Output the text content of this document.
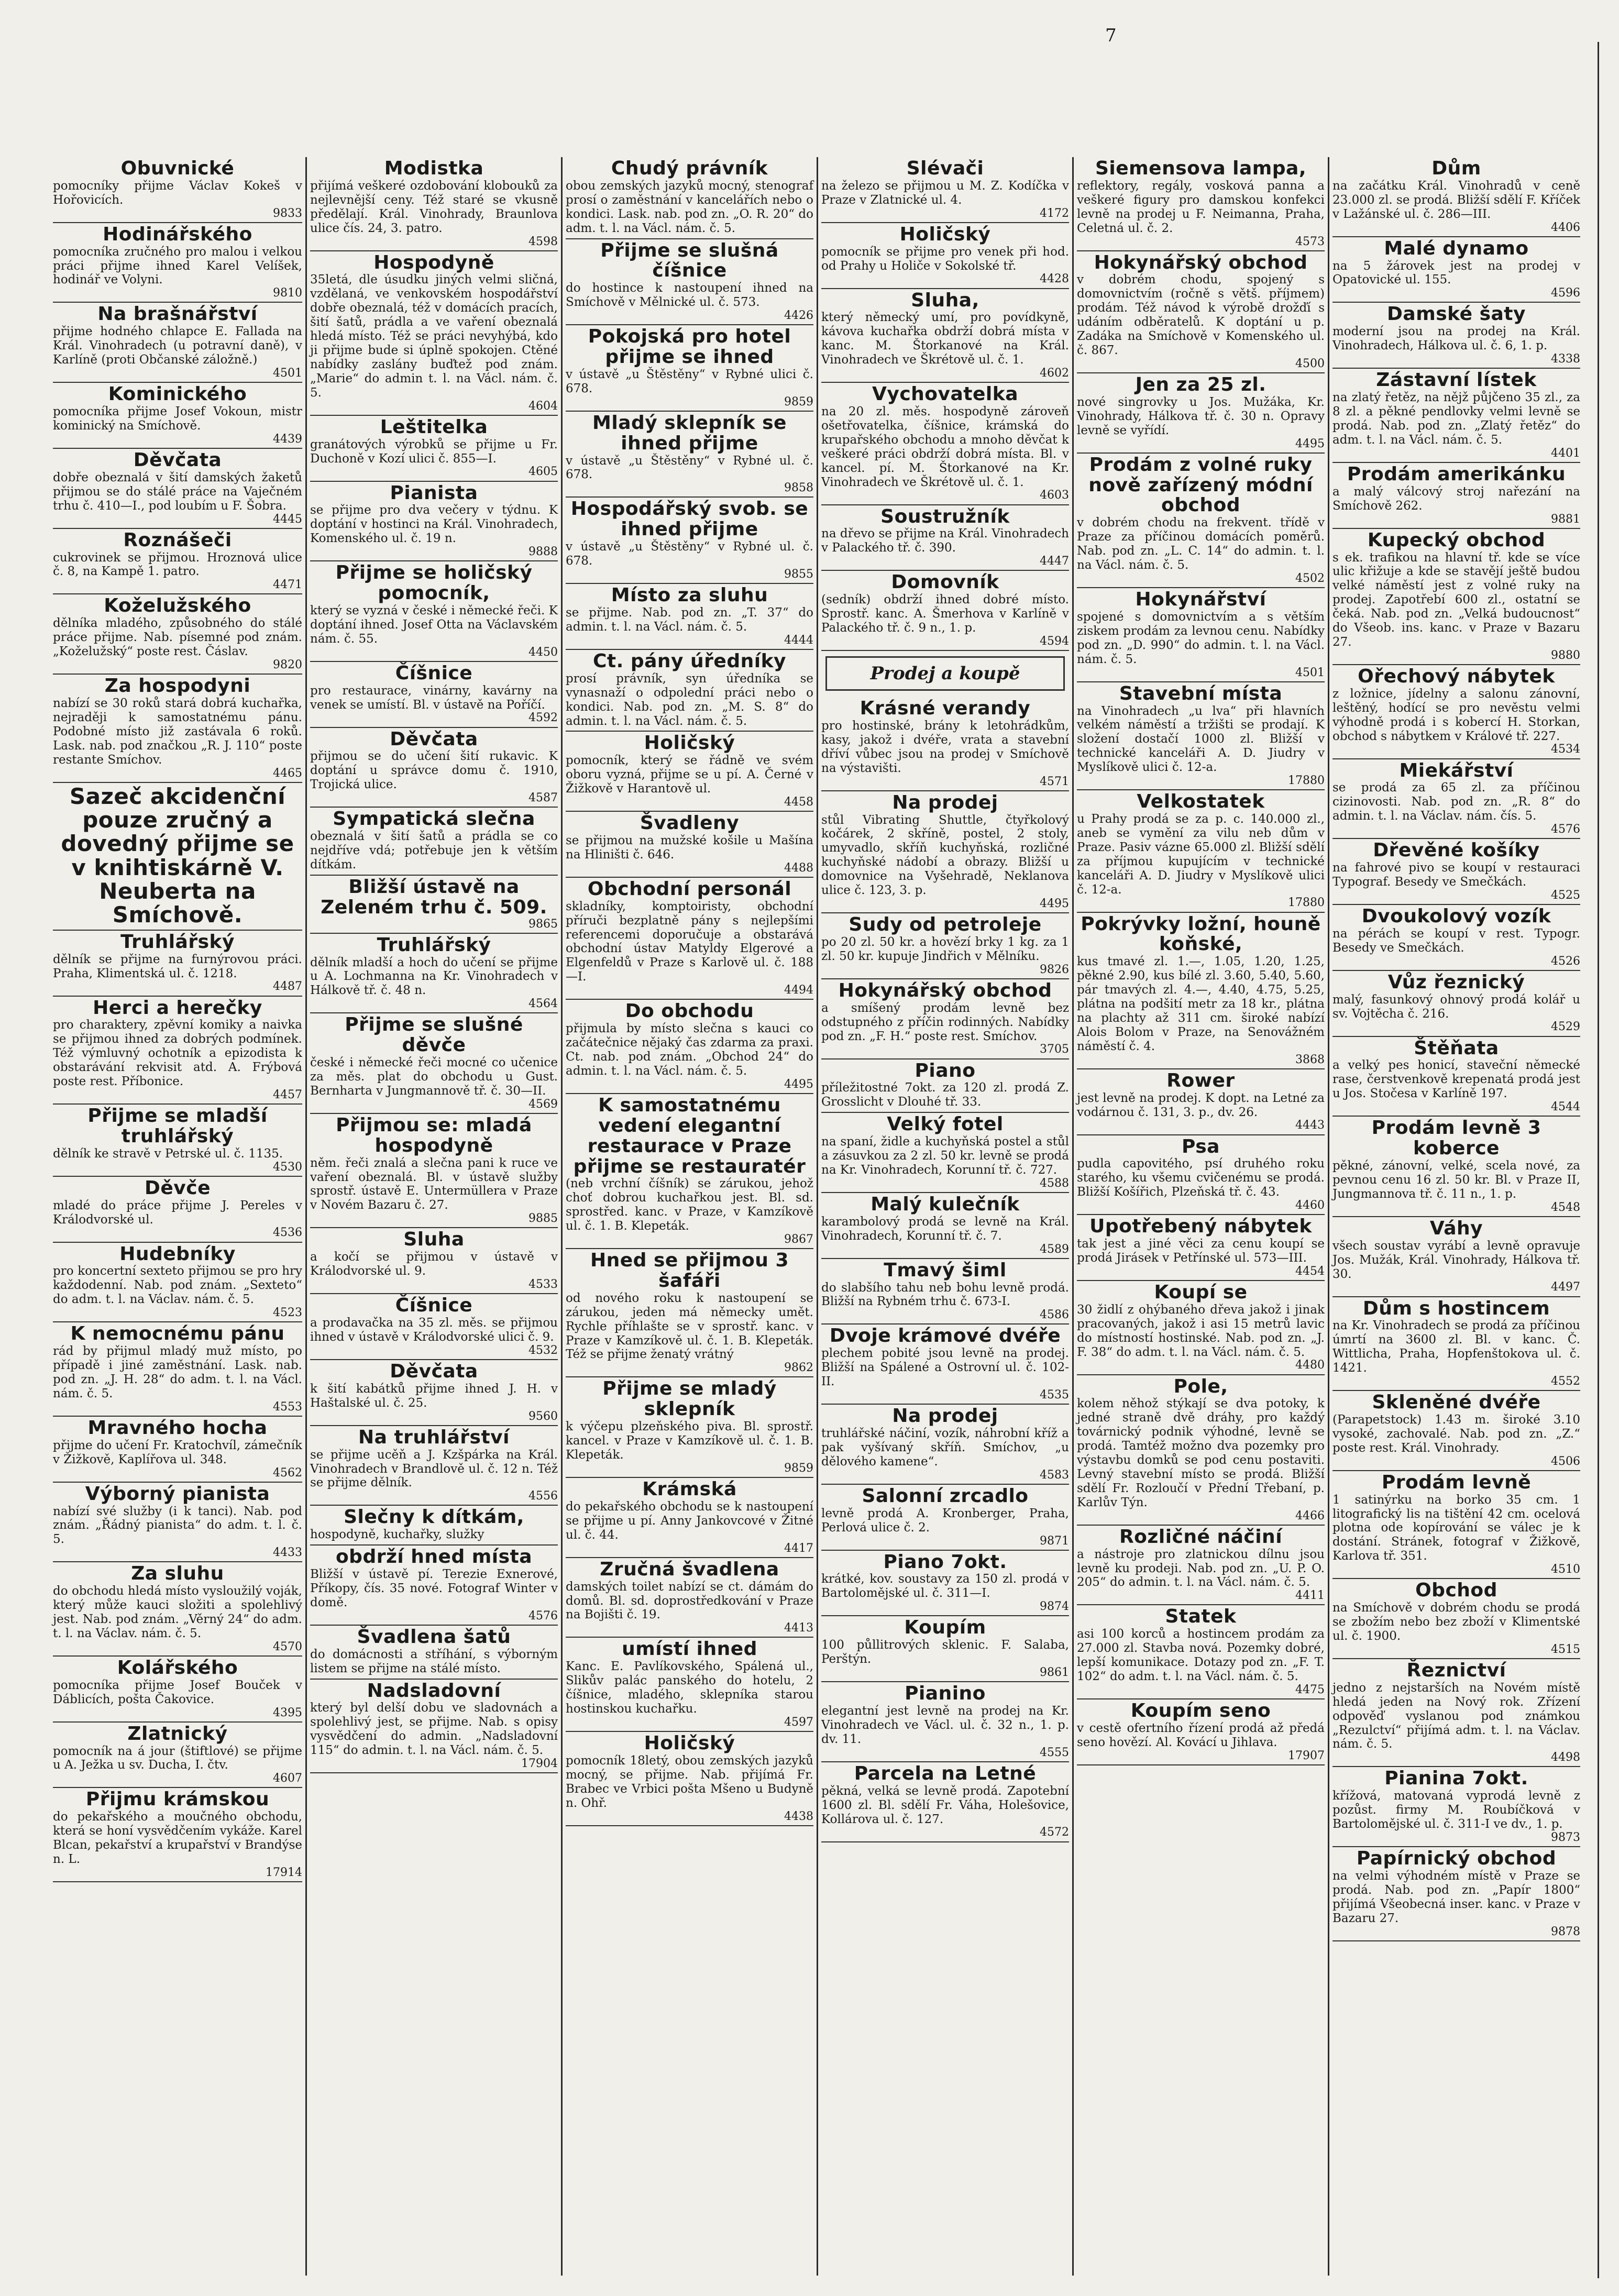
7
Obuvnické
pomocníky přijme Václav Kokeš v Hořovicích.
9833
Hodinářského
pomocníka zručného pro malou i velkou práci přijme ihned Karel Velíšek, hodinář ve Volyni.
9810
Na brašnářství
přijme hodného chlapce E. Fallada na Král. Vinohradech (u potravní daně), v Karlíně (proti Občanské záložně.)
4501
Kominického
pomocníka přijme Josef Vokoun, mistr kominický na Smíchově.
4439
Děvčata
dobře obeznalá v šití damských žaketů přijmou se do stálé práce na Vaječném trhu č. 410—I., pod loubím u F. Šobra.
4445
Roznášeči
cukrovinek se přijmou. Hroznová ulice č. 8, na Kampě 1. patro.
4471
Koželužského
dělníka mladého, způsobného do stálé práce přijme. Nab. písemné pod znám. „Koželužský“ poste rest. Čáslav.
9820
Za hospodyni
nabízí se 30 roků stará dobrá kuchařka, nejraději k samostatnému pánu. Podobné místo již zastávala 6 roků. Lask. nab. pod značkou „R. J. 110“ poste restante Smíchov.
4465
Sazeč akcidenční pouze zručný a dovedný přijme se v knihtiskárně V. Neuberta na Smíchově.
Truhlářský
dělník se přijme na furnýrovou práci. Praha, Klimentská ul. č. 1218.
4487
Herci a herečky
pro charaktery, zpěvní komiky a naivka se přijmou ihned za dobrých podmínek. Též výmluvný ochotník a epizodista k obstarávání rekvisit atd. A. Frýbová poste rest. Příbonice.
4457
Přijme se mladší truhlářský
dělník ke stravě v Petrské ul. č. 1135.
4530
Děvče
mladé do práce přijme J. Pereles v Králodvorské ul.
4536
Hudebníky
pro koncertní sexteto přijmou se pro hry každodenní. Nab. pod znám. „Sexteto“ do adm. t. l. na Václav. nám. č. 5.
4523
K nemocnému pánu
rád by přijmul mladý muž místo, po případě i jiné zaměstnání. Lask. nab. pod zn. „J. H. 28“ do adm. t. l. na Václ. nám. č. 5.
4553
Mravného hocha
přijme do učení Fr. Kratochvíl, zámečník v Žižkově, Kaplířova ul. 348.
4562
Výborný pianista
nabízí své služby (i k tanci). Nab. pod znám. „Řádný pianista“ do adm. t. l. č. 5.
4433
Za sluhu
do obchodu hledá místo vysloužilý voják, který může kauci složiti a spolehlivý jest. Nab. pod znám. „Věrný 24“ do adm. t. l. na Václav. nám. č. 5.
4570
Kolářského
pomocníka přijme Josef Bouček v Dáblicích, pošta Čakovice.
4395
Zlatnický
pomocník na á jour (štiftlové) se přijme u A. Ježka u sv. Ducha, I. čtv.
4607
Přijmu krámskou
do pekařského a moučného obchodu, která se honí vysvědčením vykáže. Karel Blcan, pekařství a krupařství v Brandýse n. L.
17914
Modistka
přijímá veškeré ozdobování klobouků za nejlevnější ceny. Též staré se vkusně předělají. Král. Vinohrady, Braunlova ulice čís. 24, 3. patro.
4598
Hospodyně
35letá, dle úsudku jiných velmi sličná, vzdělaná, ve venkovském hospodářství dobře obeznalá, též v domácích pracích, šití šatů, prádla a ve vaření obeznalá hledá místo. Též se práci nevyhýbá, kdo ji přijme bude si úplně spokojen. Ctěné nabídky zaslány buďtež pod znám. „Marie“ do admin t. l. na Václ. nám. č. 5.
4604
Leštitelka
granátových výrobků se přijme u Fr. Duchoně v Kozí ulici č. 855—I.
4605
Pianista
se přijme pro dva večery v týdnu. K doptání v hostinci na Král. Vinohradech, Komenského ul. č. 19 n.
9888
Přijme se holičský pomocník,
který se vyzná v české i německé řeči. K doptání ihned. Josef Otta na Václavském nám. č. 55.
4450
Číšnice
pro restaurace, vinárny, kavárny na venek se umístí. Bl. v ústavě na Poříčí.
4592
Děvčata
přijmou se do učení šití rukavic. K doptání u správce domu č. 1910, Trojická ulice.
4587
Sympatická slečna
obeznalá v šití šatů a prádla se co nejdříve vdá; potřebuje jen k větším dítkám.
Bližší ústavě na Zeleném trhu č. 509.
9865
Truhlářský
dělník mladší a hoch do učení se přijme u A. Lochmanna na Kr. Vinohradech v Hálkově tř. č. 48 n.
4564
Přijme se slušné děvče
české i německé řeči mocné co učenice za měs. plat do obchodu u Gust. Bernharta v Jungmannově tř. č. 30—II.
4569
Přijmou se: mladá hospodyně
něm. řeči znalá a slečna pani k ruce ve vaření obeznalá. Bl. v ústavě služby sprostř. ústavě E. Untermüllera v Praze v Novém Bazaru č. 27.
9885
Sluha
a kočí se přijmou v ústavě v Králodvorské ul. 9.
4533
Číšnice
a prodavačka na 35 zl. měs. se přijmou ihned v ústavě v Králodvorské ulici č. 9.
4532
Děvčata
k šití kabátků přijme ihned J. H. v Haštalské ul. č. 25.
9560
Na truhlářství
se přijme ucěň a J. Kzšpárka na Král. Vinohradech v Brandlově ul. č. 12 n. Též se přijme dělník.
4556
Slečny k dítkám,
hospodyně, kuchařky, služky
obdrží hned místa
Bližší v ústavě pí. Terezie Exnerové, Příkopy, čís. 35 nové. Fotograf Winter v domě.
4576
Švadlena šatů
do domácnosti a stříhání, s výborným listem se přijme na stálé místo.
Nadsladovní
který byl delší dobu ve sladovnách a spolehlivý jest, se přijme. Nab. s opisy vysvědčení do admin. „Nadsladovní 115“ do admin. t. l. na Václ. nám. č. 5.
17904
Chudý právník
obou zemských jazyků mocný, stenograf prosí o zaměstnání v kancelářích nebo o kondici. Lask. nab. pod zn. „O. R. 20“ do adm. t. l. na Václ. nám. č. 5.
Přijme se slušná číšnice
do hostince k nastoupení ihned na Smíchově v Mělnické ul. č. 573.
4426
Pokojská pro hotel přijme se ihned
v ústavě „u Štěstěny“ v Rybné ulici č. 678.
9859
Mladý sklepník se ihned přijme
v ústavě „u Štěstěny“ v Rybné ul. č. 678.
9858
Hospodářský svob. se ihned přijme
v ústavě „u Štěstěny“ v Rybné ul. č. 678.
9855
Místo za sluhu
se přijme. Nab. pod zn. „T. 37“ do admin. t. l. na Václ. nám. č. 5.
4444
Ct. pány úředníky
prosí právník, syn úředníka se vynasnaží o odpolední práci nebo o kondici. Nab. pod zn. „M. S. 8“ do admin. t. l. na Václ. nám. č. 5.
Holičský
pomocník, který se řádně ve svém oboru vyzná, přijme se u pí. A. Černé v Žižkově v Harantově ul.
4458
Švadleny
se přijmou na mužské košile u Mašína na Hliništi č. 646.
4488
Obchodní personál
skladníky, komptoiristy, obchodní příruči bezplatně pány s nejlepšími referencemi doporučuje a obstarává obchodní ústav Matyldy Elgerové a Elgenfeldů v Praze s Karlově ul. č. 188—I.
4494
Do obchodu
přijmula by místo slečna s kauci co začátečnice nějaký čas zdarma za praxi. Ct. nab. pod znám. „Obchod 24“ do admin. t. l. na Václ. nám. č. 5.
4495
K samostatnému vedení elegantní restaurace v Praze přijme se restauratér
(neb vrchní číšník) se zárukou, jehož choť dobrou kuchařkou jest. Bl. sd. sprostřed. kanc. v Praze, v Kamzíkově ul. č. 1. B. Klepeták.
9867
Hned se přijmou 3 šafáři
od nového roku k nastoupení se zárukou, jeden má německy umět. Rychle příhlašte se v sprostř. kanc. v Praze v Kamzíkově ul. č. 1. B. Klepeták. Též se přijme ženatý vrátný
9862
Přijme se mladý sklepník
k výčepu plzeňského piva. Bl. sprostř. kancel. v Praze v Kamzíkově ul. č. 1. B. Klepeták.
9859
Krámská
do pekařského obchodu se k nastoupení se přijme u pí. Anny Jankovcové v Žitné ul. č. 44.
4417
Zručná švadlena
damských toilet nabízí se ct. dámám do domů. Bl. sd. doprostředkování v Praze na Bojišti č. 19.
4413
umístí ihned
Kanc. E. Pavlíkovského, Spálená ul., Slikův palác panského do hotelu, 2 číšnice, mladého, sklepníka starou hostinskou kuchařku.
4597
Holičský
pomocník 18letý, obou zemských jazyků mocný, se přijme. Nab. přijímá Fr. Brabec ve Vrbici pošta Mšeno u Budyně n. Ohř.
4438
Slévači
na železo se přijmou u M. Z. Kodíčka v Praze v Zlatnické ul. 4.
4172
Holičský
pomocník se přijme pro venek při hod. od Prahy u Holiče v Sokolské tř.
4428
Sluha,
který německý umí, pro povídkyně, kávova kuchařka obdrží dobrá místa v kanc. M. Štorkanové na Král. Vinohradech ve Škrétově ul. č. 1.
4602
Vychovatelka
na 20 zl. měs. hospodyně zároveň ošetřovatelka, číšnice, krámská do krupařského obchodu a mnoho děvčat k veškeré práci obdrží dobrá místa. Bl. v kancel. pí. M. Štorkanové na Kr. Vinohradech ve Škrétově ul. č. 1.
4603
Soustružník
na dřevo se přijme na Král. Vinohradech v Palackého tř. č. 390.
4447
Domovník
(sedník) obdrží ihned dobré místo. Sprostř. kanc. A. Šmerhova v Karlíně v Palackého tř. č. 9 n., 1. p.
4594
Prodej a koupě
Krásné verandy
pro hostinské, brány k letohrádkům, kasy, jakož i dvéře, vrata a stavební dříví vůbec jsou na prodej v Smíchově na výstavišti.
4571
Na prodej
stůl Vibrating Shuttle, čtyřkolový kočárek, 2 skříně, postel, 2 stoly, umyvadlo, skříň kuchyňská, rozličné kuchyňské nádobí a obrazy. Bližší u domovnice na Vyšehradě, Neklanova ulice č. 123, 3. p.
4495
Sudy od petroleje
po 20 zl. 50 kr. a hovězí brky 1 kg. za 1 zl. 50 kr. kupuje Jindřich v Mělníku.
9826
Hokynářský obchod
a smíšený prodám levně bez odstupného z příčin rodinných. Nabídky pod zn. „F. H.“ poste rest. Smíchov.
3705
Piano
příležitostné 7okt. za 120 zl. prodá Z. Grosslicht v Dlouhé tř. 33.
Velký fotel
na spaní, židle a kuchyňská postel a stůl a zásuvkou za 2 zl. 50 kr. levně se prodá na Kr. Vinohradech, Korunní tř. č. 727.
4588
Malý kulečník
karambolový prodá se levně na Král. Vinohradech, Korunní tř. č. 7.
4589
Tmavý šiml
do slabšího tahu neb bohu levně prodá. Bližší na Rybném trhu č. 673-I.
4586
Dvoje krámové dvéře
plechem pobité jsou levně na prodej. Bližší na Spálené a Ostrovní ul. č. 102-II.
4535
Na prodej
truhlářské náčiní, vozík, náhrobní kříž a pak vyšívaný skříň. Smíchov, „u dělového kamene“.
4583
Salonní zrcadlo
levně prodá A. Kronberger, Praha, Perlová ulice č. 2.
9871
Piano 7okt.
krátké, kov. soustavy za 150 zl. prodá v Bartolomějské ul. č. 311—I.
9874
Koupím
100 půllitrových sklenic. F. Salaba, Perštýn.
9861
Pianino
elegantní jest levně na prodej na Kr. Vinohradech ve Václ. ul. č. 32 n., 1. p. dv. 11.
4555
Parcela na Letné
pěkná, velká se levně prodá. Zapotební 1600 zl. Bl. sdělí Fr. Váha, Holešovice, Kollárova ul. č. 127.
4572
Siemensova lampa,
reflektory, regály, vosková panna a veškeré figury pro damskou konfekci levně na prodej u F. Neimanna, Praha, Celetná ul. č. 2.
4573
Hokynářský obchod
v dobrém chodu, spojený s domovnictvím (ročně s větš. příjmem) prodám. Též návod k výrobě drožďí s udáním odběratelů. K doptání u p. Zadáka na Smíchově v Komenského ul. č. 867.
4500
Jen za 25 zl.
nové singrovky u Jos. Mužáka, Kr. Vinohrady, Hálkova tř. č. 30 n. Opravy levně se vyřídí.
4495
Prodám z volné ruky nově zařízený módní obchod
v dobrém chodu na frekvent. třídě v Praze za příčinou domácích poměrů. Nab. pod zn. „L. C. 14“ do admin. t. l. na Václ. nám. č. 5.
4502
Hokynářství
spojené s domovnictvím a s větším ziskem prodám za levnou cenu. Nabídky pod zn. „D. 990“ do admin. t. l. na Václ. nám. č. 5.
4501
Stavební místa
na Vinohradech „u lva“ při hlavních velkém náměstí a tržišti se prodají. K složení dostačí 1000 zl. Bližší v technické kanceláři A. D. Jiudry v Myslíkově ulici č. 12-a.
17880
Velkostatek
u Prahy prodá se za p. c. 140.000 zl., aneb se vymění za vilu neb dům v Praze. Pasiv vázne 65.000 zl. Bližší sdělí za příjmou kupujícím v technické kanceláři A. D. Jiudry v Myslíkově ulici č. 12-a.
17880
Pokrývky ložní, houně koňské,
kus tmavé zl. 1.—, 1.05, 1.20, 1.25, pěkné 2.90, kus bílé zl. 3.60, 5.40, 5.60, pár tmavých zl. 4.—, 4.40, 4.75, 5.25, plátna na podšití metr za 18 kr., plátna na plachty až 311 cm. široké nabízí Alois Bolom v Praze, na Senovážném náměstí č. 4.
3868
Rower
jest levně na prodej. K dopt. na Letné za vodárnou č. 131, 3. p., dv. 26.
4443
Psa
pudla capovitého, psí druhého roku starého, ku všemu cvičenému se prodá. Bližší Košířich, Plzeňská tř. č. 43.
4460
Upotřebený nábytek
tak jest a jiné věci za cenu koupí se prodá Jirásek v Petřínské ul. 573—III.
4454
Koupí se
30 židlí z ohýbaného dřeva jakož i jinak pracovaných, jakož i asi 15 metrů lavic do místností hostinské. Nab. pod zn. „J. F. 38“ do adm. t. l. na Václ. nám. č. 5.
4480
Pole,
kolem něhož stýkají se dva potoky, k jedné straně dvě dráhy, pro každý továrnický podnik výhodné, levně se prodá. Tamtéž možno dva pozemky pro výstavbu domků se pod cenu postaviti. Levný stavební místo se prodá. Bližší sdělí Fr. Rozloučí v Přední Třebaní, p. Karlův Týn.
4466
Rozličné náčiní
a nástroje pro zlatnickou dílnu jsou levně ku prodeji. Nab. pod zn. „U. P. O. 205“ do admin. t. l. na Václ. nám. č. 5.
4411
Statek
asi 100 korců a hostincem prodám za 27.000 zl. Stavba nová. Pozemky dobré, lepší komunikace. Dotazy pod zn. „F. T. 102“ do adm. t. l. na Václ. nám. č. 5.
4475
Koupím seno
v cestě ofertního řízení prodá až předá seno hovězí. Al. Kovácí u Jihlava.
17907
Dům
na začátku Král. Vinohradů v ceně 23.000 zl. se prodá. Bližší sdělí F. Kříček v Lažánské ul. č. 286—III.
4406
Malé dynamo
na 5 žárovek jest na prodej v Opatovické ul. 155.
4596
Damské šaty
moderní jsou na prodej na Král. Vinohradech, Hálkova ul. č. 6, 1. p.
4338
Zástavní lístek
na zlatý řetěz, na nějž půjčeno 35 zl., za 8 zl. a pěkné pendlovky velmi levně se prodá. Nab. pod zn. „Zlatý řetěz“ do adm. t. l. na Václ. nám. č. 5.
4401
Prodám amerikánku
a malý válcový stroj nařezání na Smíchově 262.
9881
Kupecký obchod
s ek. trafikou na hlavní tř. kde se více ulic křižuje a kde se stavějí ještě budou velké náměstí jest z volné ruky na prodej. Zapotřebí 600 zl., ostatní se čeká. Nab. pod zn. „Velká budoucnost“ do Všeob. ins. kanc. v Praze v Bazaru 27.
9880
Ořechový nábytek
z ložnice, jídelny a salonu zánovní, leštěný, hodící se pro nevěstu velmi výhodně prodá i s kobercí H. Storkan, obchod s nábytkem v Králové tř. 227.
4534
Miekářství
se prodá za 65 zl. za příčinou cizinovosti. Nab. pod zn. „R. 8“ do admin. t. l. na Václav. nám. čís. 5.
4576
Dřevěné košíky
na fahrové pivo se koupí v restauraci Typograf. Besedy ve Smečkách.
4525
Dvoukolový vozík
na pérách se koupí v rest. Typogr. Besedy ve Smečkách.
4526
Vůz řeznický
malý, fasunkový ohnový prodá kolář u sv. Vojtěcha č. 216.
4529
Štěňata
a velký pes honicí, staveční německé rase, čerstvenkově krepenatá prodá jest u Jos. Stočesa v Karlíně 197.
4544
Prodám levně 3 koberce
pěkné, zánovní, velké, scela nové, za pevnou cenu 16 zl. 50 kr. Bl. v Praze II, Jungmannova tř. č. 11 n., 1. p.
4548
Váhy
všech soustav vyrábí a levně opravuje Jos. Mužák, Král. Vinohrady, Hálkova tř. 30.
4497
Dům s hostincem
na Kr. Vinohradech se prodá za příčinou úmrtí na 3600 zl. Bl. v kanc. Č. Wittlicha, Praha, Hopfenštokova ul. č. 1421.
4552
Skleněné dvéře
(Parapetstock) 1.43 m. široké 3.10 vysoké, zachovalé. Nab. pod zn. „Z.“ poste rest. Král. Vinohrady.
4506
Prodám levně
1 satinýrku na borko 35 cm. 1 litografický lis na tištění 42 cm. ocelová plotna ode kopírování se válec je k dostání. Stránek, fotograf v Žižkově, Karlova tř. 351.
4510
Obchod
na Smíchově v dobrém chodu se prodá se zbožím nebo bez zboží v Klimentské ul. č. 1900.
4515
Řeznictví
jedno z nejstarších na Novém místě hledá jeden na Nový rok. Zřízení odpověď vyslanou pod známkou „Rezulctví“ přijímá adm. t. l. na Václav. nám. č. 5.
4498
Pianina 7okt.
křížová, matovaná vyprodá levně z pozůst. firmy M. Roubíčková v Bartolomějské ul. č. 311-I ve dv., 1. p.
9873
Papírnický obchod
na velmi výhodném místě v Praze se prodá. Nab. pod zn. „Papír 1800“ přijímá Všeobecná inser. kanc. v Praze v Bazaru 27.
9878
